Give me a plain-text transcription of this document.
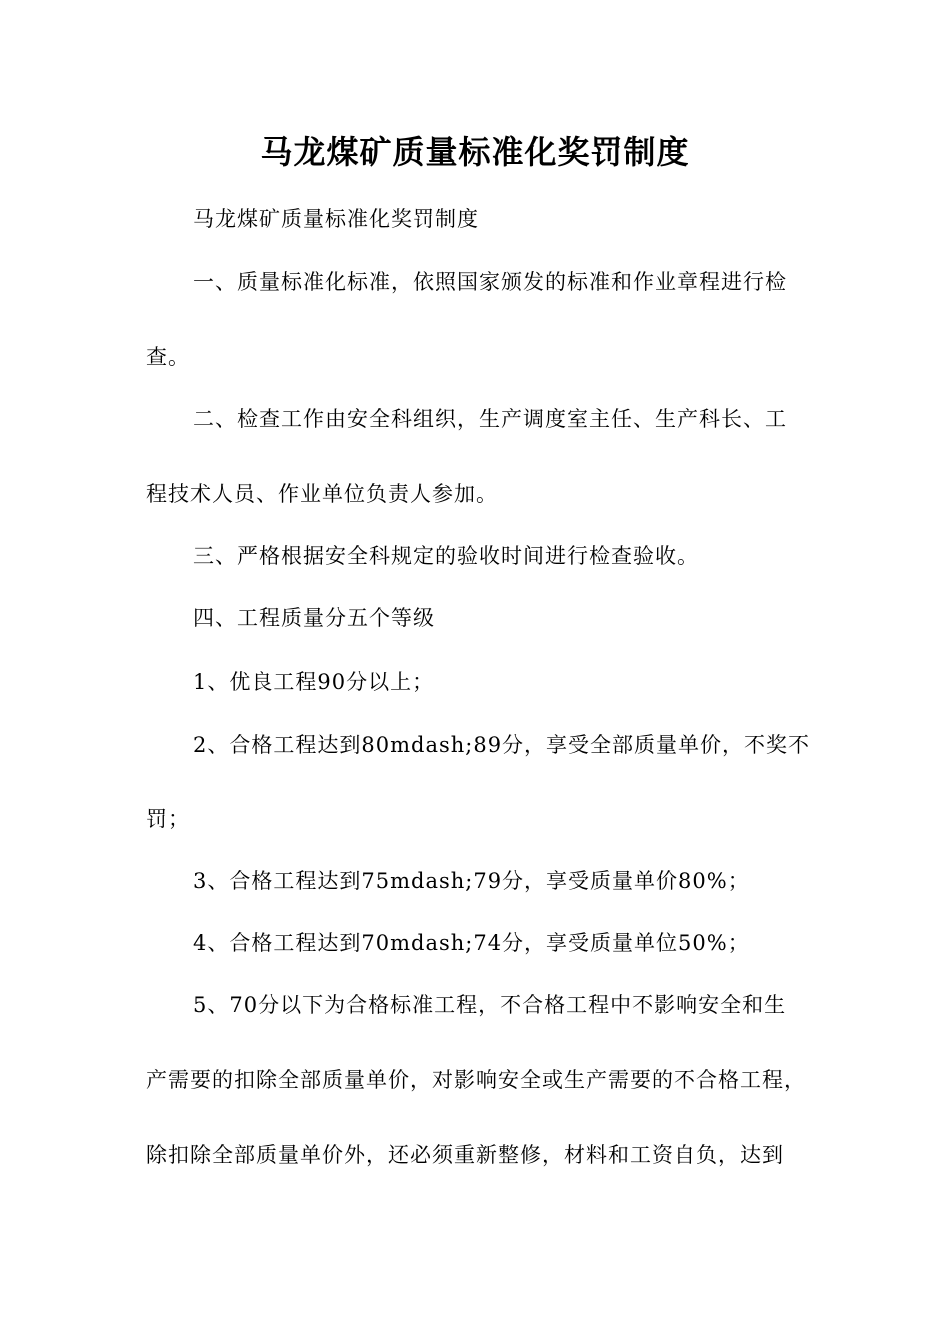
马龙煤矿质量标准化奖罚制度
马龙煤矿质量标准化奖罚制度
一、质量标准化标准，依照国家颁发的标准和作业章程进行检
查。
二、检查工作由安全科组织，生产调度室主任、生产科长、工
程技术人员、作业单位负责人参加。
三、严格根据安全科规定的验收时间进行检查验收。
四、工程质量分五个等级
1、优良工程90分以上；
2、合格工程达到80mdash;89分，享受全部质量单价，不奖不
罚；
3、合格工程达到75mdash;79分，享受质量单价80%；
4、合格工程达到70mdash;74分，享受质量单位50%；
5、70分以下为合格标准工程，不合格工程中不影响安全和生
产需要的扣除全部质量单价，对影响安全或生产需要的不合格工程，
除扣除全部质量单价外，还必须重新整修，材料和工资自负，达到
